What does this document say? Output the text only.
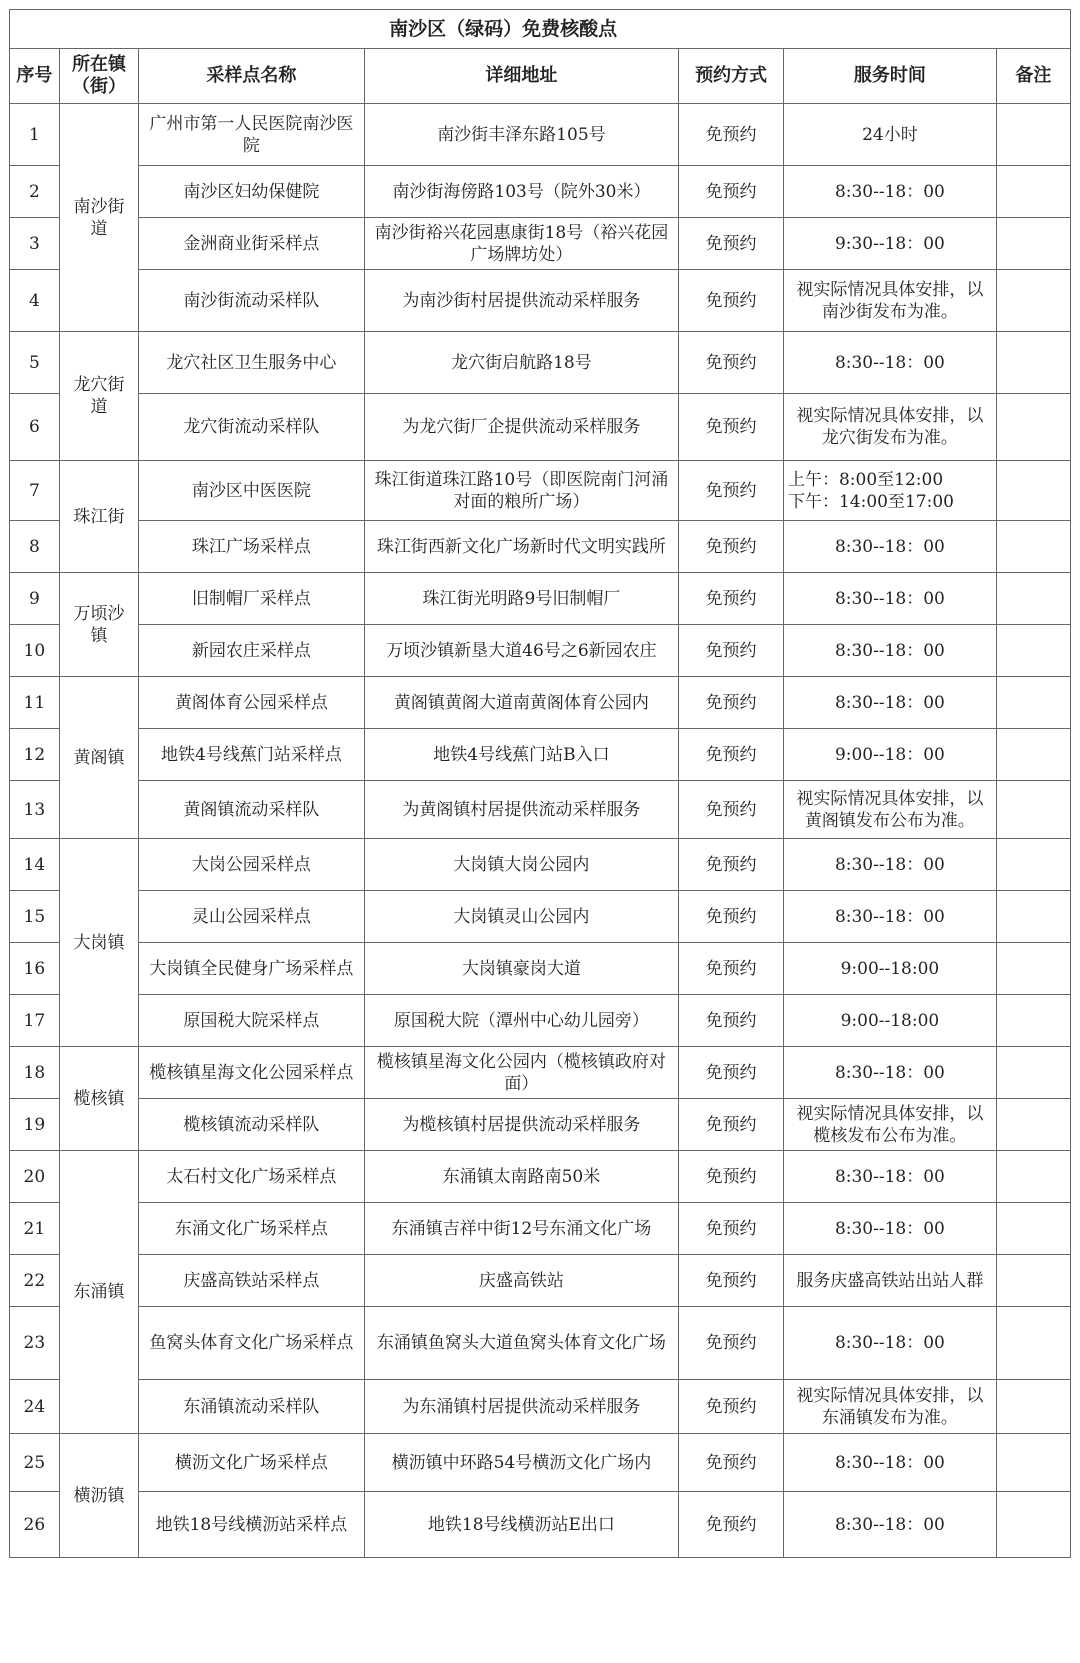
南沙区（绿码）免费核酸点						
序号	所在镇（街）	采样点名称	详细地址	预约方式	服务时间	备注
1	南沙街道	广州市第一人民医院南沙医院	南沙街丰泽东路105号	免预约	24小时	
2		南沙区妇幼保健院	南沙街海傍路103号（院外30米）	免预约	8:30--18：00	
3		金洲商业街采样点	南沙街裕兴花园惠康街18号（裕兴花园广场牌坊处）	免预约	9:30--18：00	
4		南沙街流动采样队	为南沙街村居提供流动采样服务	免预约	视实际情况具体安排，以南沙街发布为准。	
5	龙穴街道	龙穴社区卫生服务中心	龙穴街启航路18号	免预约	8:30--18：00	
6		龙穴街流动采样队	为龙穴街厂企提供流动采样服务	免预约	视实际情况具体安排，以龙穴街发布为准。	
7	珠江街	南沙区中医医院	珠江街道珠江路10号（即医院南门河涌对面的粮所广场）	免预约	上午：8:00至12:00
下午：14:00至17:00	

8		珠江广场采样点	珠江街西新文化广场新时代文明实践所	免预约	8:30--18：00	
9	万顷沙镇	旧制帽厂采样点	珠江街光明路9号旧制帽厂	免预约	8:30--18：00	
10		新园农庄采样点	万顷沙镇新垦大道46号之6新园农庄	免预约	8:30--18：00	
11	黄阁镇	黄阁体育公园采样点	黄阁镇黄阁大道南黄阁体育公园内	免预约	8:30--18：00	
12		地铁4号线蕉门站采样点	地铁4号线蕉门站B入口	免预约	9:00--18：00	
13		黄阁镇流动采样队	为黄阁镇村居提供流动采样服务	免预约	视实际情况具体安排，以黄阁镇发布公布为准。	
14	大岗镇	大岗公园采样点	大岗镇大岗公园内	免预约	8:30--18：00	
15		灵山公园采样点	大岗镇灵山公园内	免预约	8:30--18：00	
16		大岗镇全民健身广场采样点	大岗镇豪岗大道	免预约	9:00--18:00	
17		原国税大院采样点	原国税大院（潭州中心幼儿园旁）	免预约	9:00--18:00	
18	榄核镇	榄核镇星海文化公园采样点	榄核镇星海文化公园内（榄核镇政府对面）	免预约	8:30--18：00	
19		榄核镇流动采样队	为榄核镇村居提供流动采样服务	免预约	视实际情况具体安排，以榄核发布公布为准。	
20	东涌镇	太石村文化广场采样点	东涌镇太南路南50米	免预约	8:30--18：00	
21		东涌文化广场采样点	东涌镇吉祥中街12号东涌文化广场	免预约	8:30--18：00	
22		庆盛高铁站采样点	庆盛高铁站	免预约	服务庆盛高铁站出站人群	
23		鱼窝头体育文化广场采样点	东涌镇鱼窝头大道鱼窝头体育文化广场	免预约	8:30--18：00	
24		东涌镇流动采样队	为东涌镇村居提供流动采样服务	免预约	视实际情况具体安排，以东涌镇发布为准。	
25	横沥镇	横沥文化广场采样点	横沥镇中环路54号横沥文化广场内	免预约	8:30--18：00	
26		地铁18号线横沥站采样点	地铁18号线横沥站E出口	免预约	8:30--18：00	
